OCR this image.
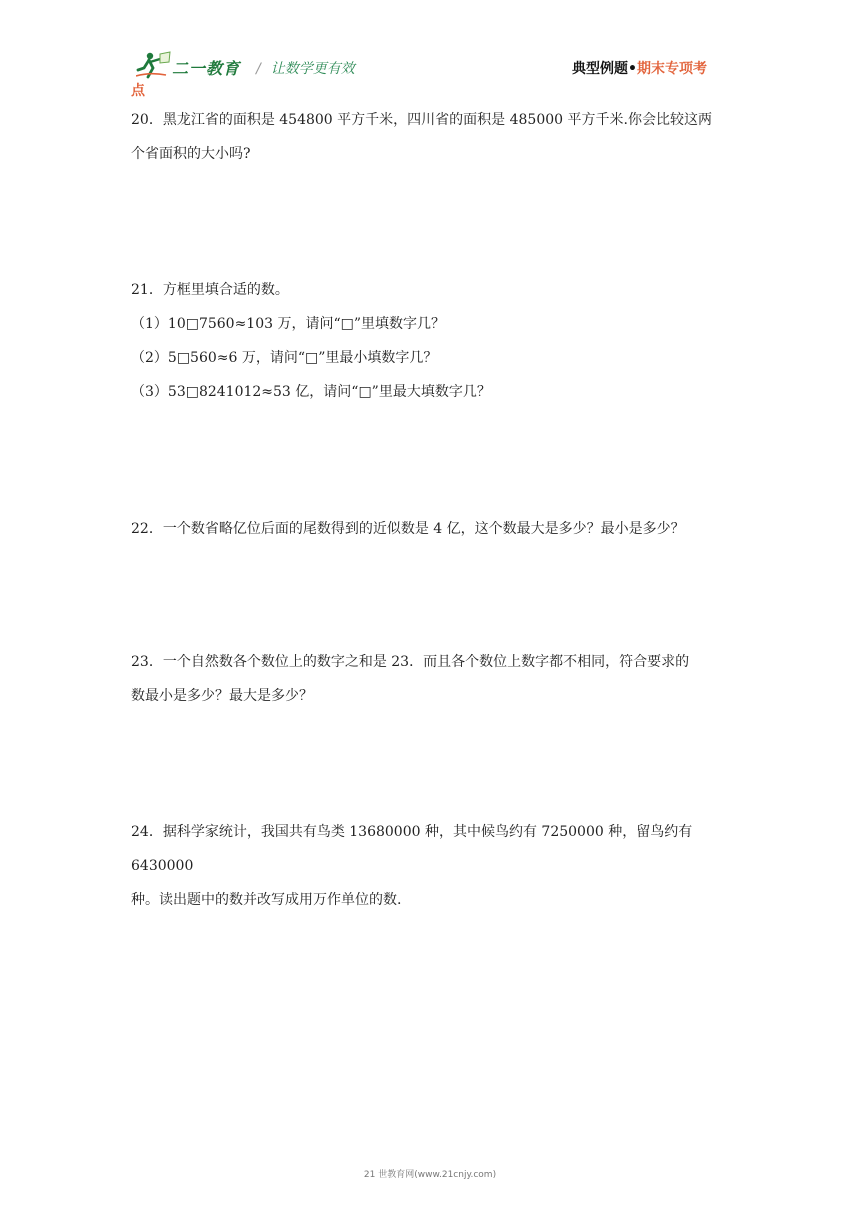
二一教育 / 让数学更有效	典型例题•期末专项考
点

20．黑龙江省的面积是 454800 平方千米，四川省的面积是 485000 平方千米.你会比较这两

个省面积的大小吗?

21．方框里填合适的数。

（1）10□7560≈103 万，请问“□”里填数字几？

（2）5□560≈6 万，请问“□”里最小填数字几？

（3）53□8241012≈53 亿，请问“□”里最大填数字几？

22．一个数省略亿位后面的尾数得到的近似数是 4 亿，这个数最大是多少？最小是多少？

23．一个自然数各个数位上的数字之和是 23．而且各个数位上数字都不相同，符合要求的

数最小是多少？最大是多少？

24．据科学家统计，我国共有鸟类 13680000 种，其中候鸟约有 7250000 种，留鸟约有 6430000

种。读出题中的数并改写成用万作单位的数.

21 世教育网(www.21cnjy.com)
